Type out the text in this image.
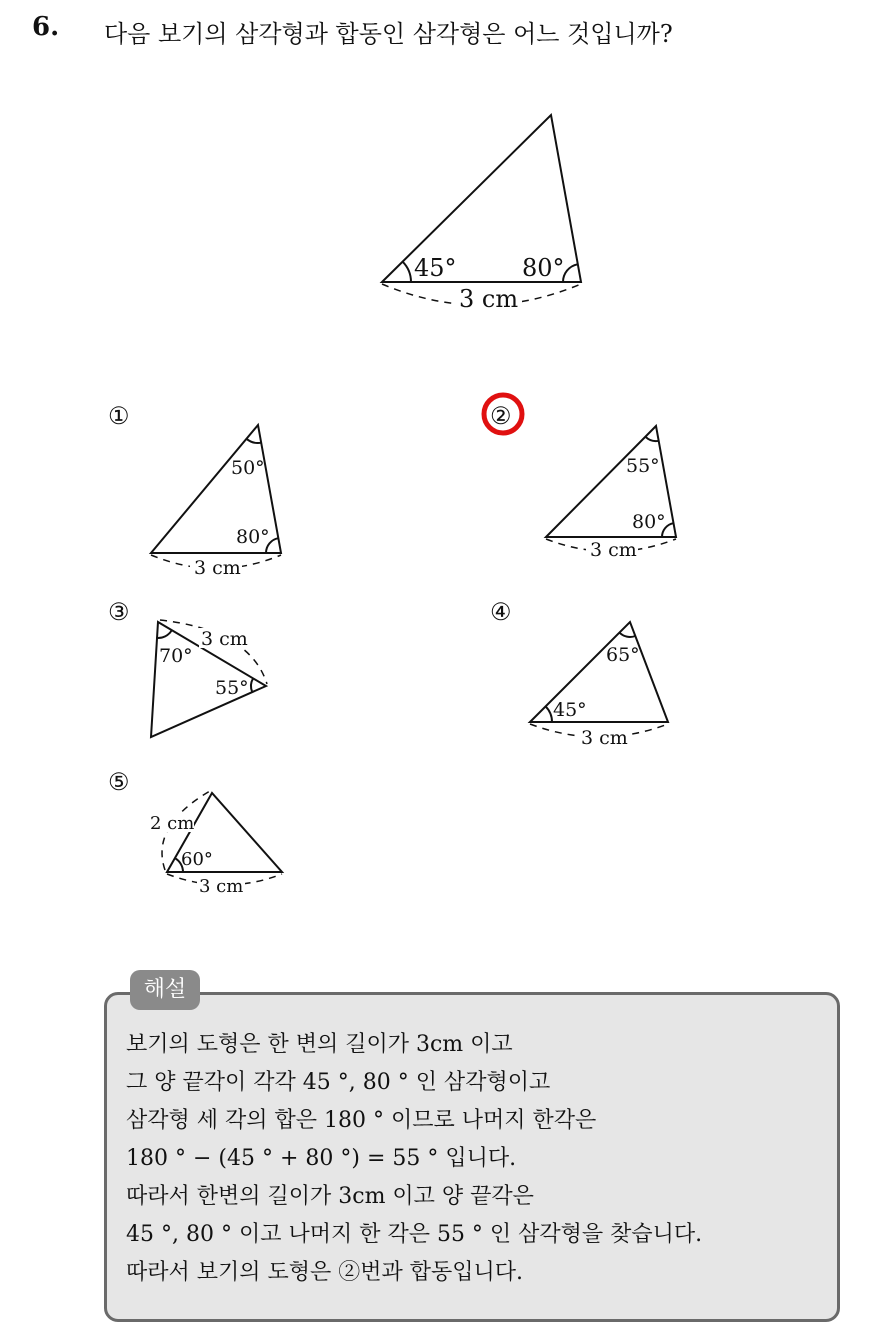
6. 다음 보기의 삼각형과 합동인 삼각형은 어느 것입니까?
45°	80°
3 cm
①
50°
80°
3 cm
②
55°
80°
3 cm
③
70°
55°
3 cm
④
65°
45°
3 cm
⑤
2 cm
60°
3 cm
해설
보기의 도형은 한 변의 길이가 3cm 이고
그 양 끝각이 각각 45 °, 80 ° 인 삼각형이고
삼각형 세 각의 합은 180 ° 이므로 나머지 한각은
180 ° − (45 ° + 80 °) = 55 ° 입니다.
따라서 한변의 길이가 3cm 이고 양 끝각은
45 °, 80 ° 이고 나머지 한 각은 55 ° 인 삼각형을 찾습니다.
따라서 보기의 도형은 ②번과 합동입니다.
